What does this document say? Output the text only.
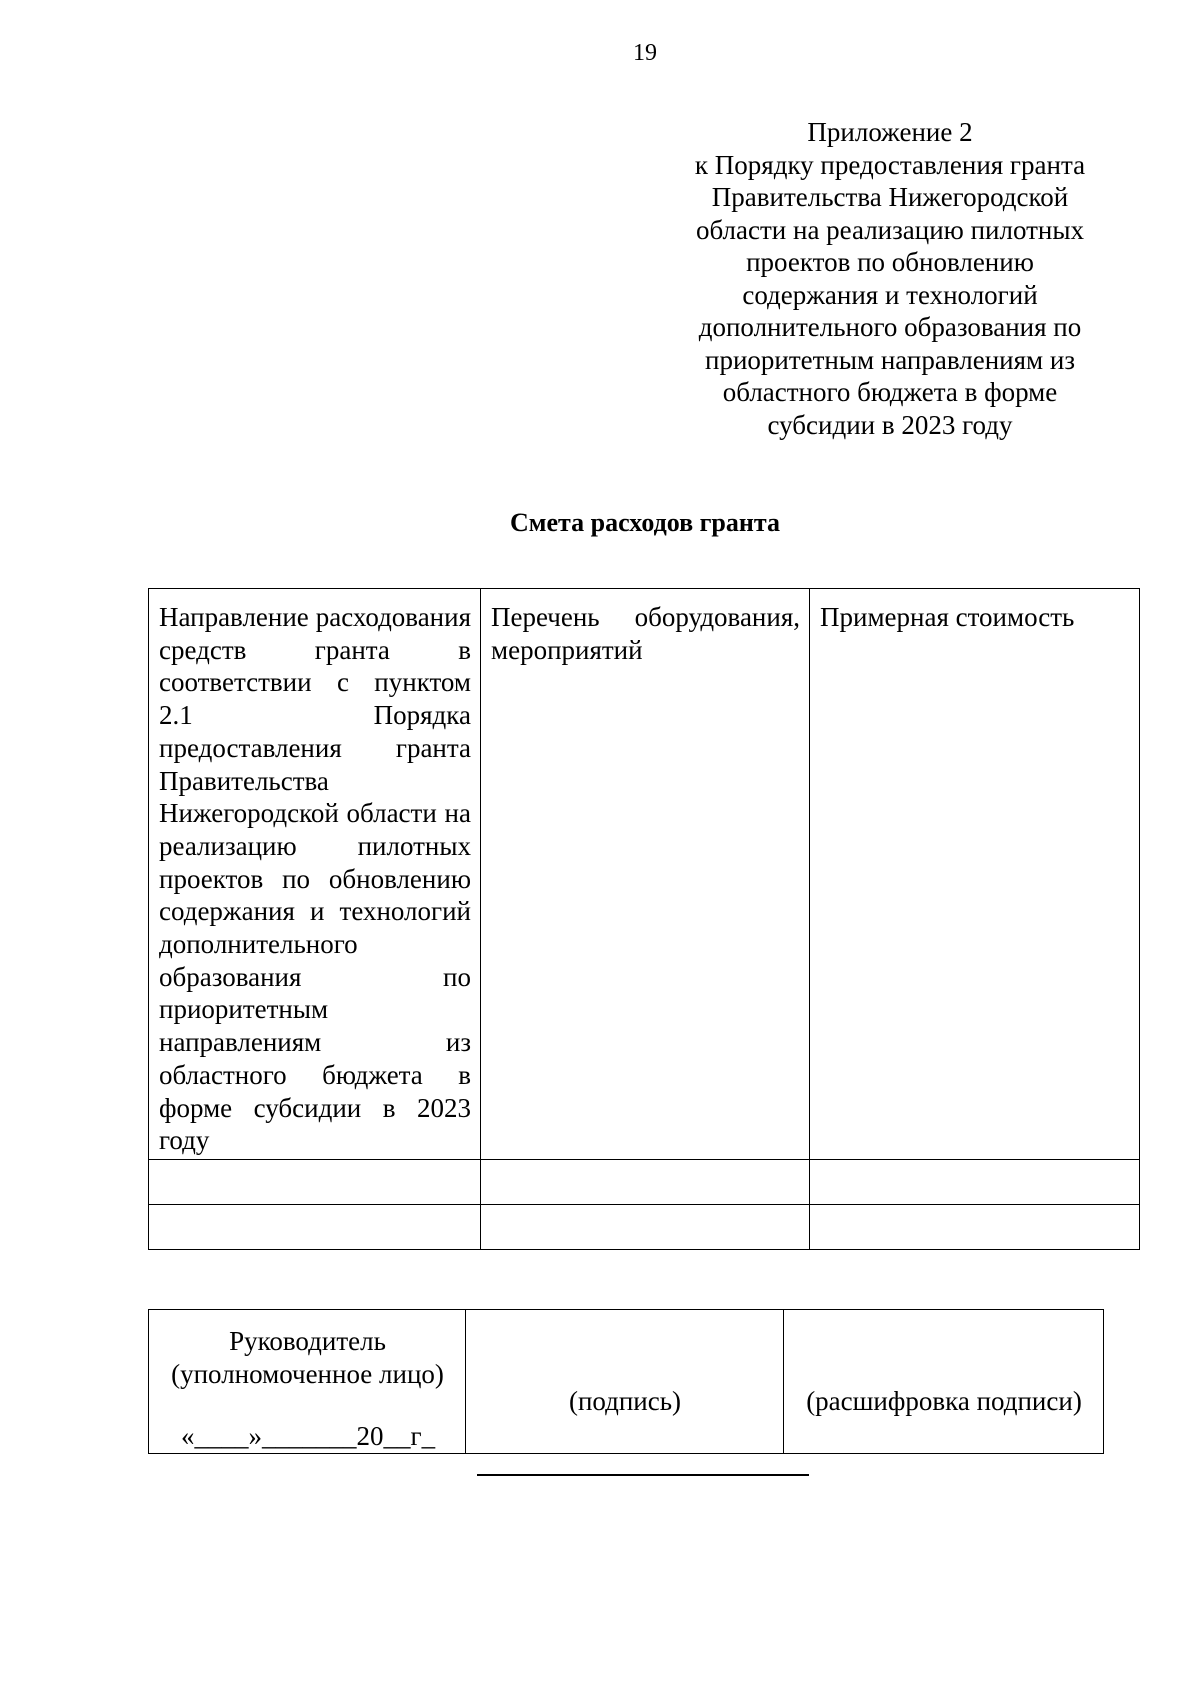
19
Приложение 2
к Порядку предоставления гранта
Правительства Нижегородской
области на реализацию пилотных
проектов по обновлению
содержания и технологий
дополнительного образования по
приоритетным направлениям из
областного бюджета в форме
субсидии в 2023 году
Смета расходов гранта
Направление расходования средств гранта в соответствии с пунктом 2.1 Порядка предоставления гранта Правительства Нижегородской области на реализацию пилотных проектов по обновлению содержания и технологий дополнительного образования по приоритетным направлениям из областного бюджета в форме субсидии в 2023 году	Перечень оборудования, мероприятий	Примерная стоимость

Руководитель
(уполномоченное лицо)
«____»_______20__г_
	(подпись)	(расшифровка подписи)
